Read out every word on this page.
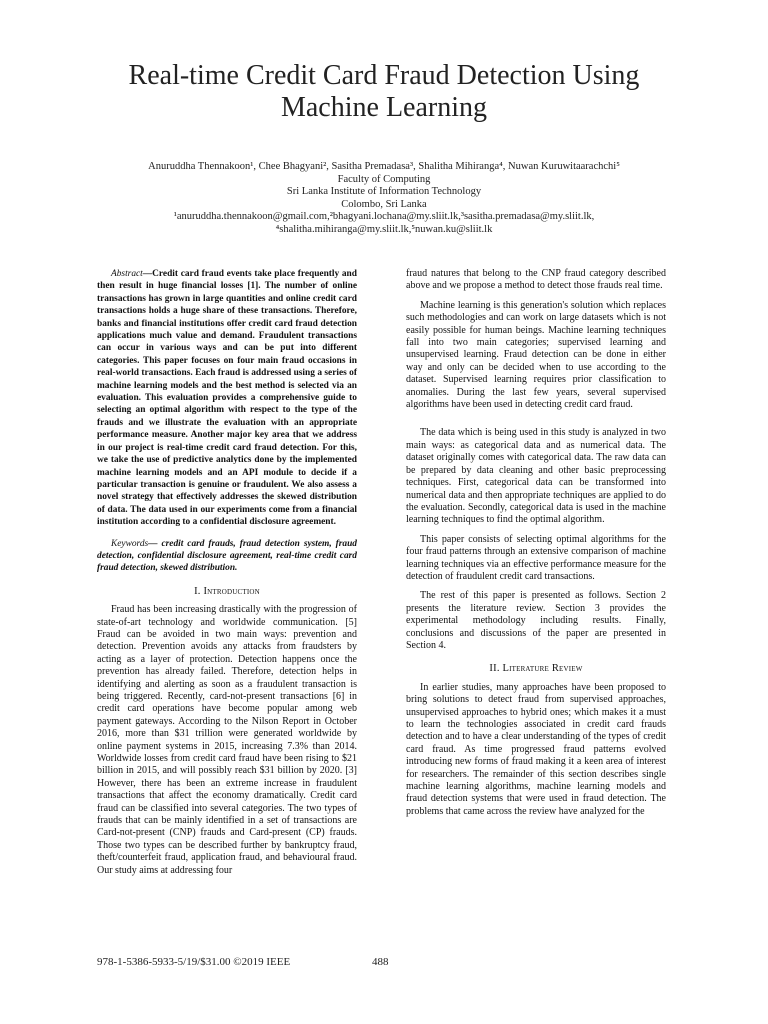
Real-time Credit Card Fraud Detection Using
Machine Learning
Anuruddha Thennakoon¹, Chee Bhagyani², Sasitha Premadasa³, Shalitha Mihiranga⁴, Nuwan Kuruwitaarachchi⁵
Faculty of Computing
Sri Lanka Institute of Information Technology
Colombo, Sri Lanka
¹anuruddha.thennakoon@gmail.com,²bhagyani.lochana@my.sliit.lk,³sasitha.premadasa@my.sliit.lk,
⁴shalitha.mihiranga@my.sliit.lk,⁵nuwan.ku@sliit.lk

Abstract—Credit card fraud events take place frequently and then result in huge financial losses [1]. The number of online transactions has grown in large quantities and online credit card transactions holds a huge share of these transactions. Therefore, banks and financial institutions offer credit card fraud detection applications much value and demand. Fraudulent transactions can occur in various ways and can be put into different categories. This paper focuses on four main fraud occasions in real-world transactions. Each fraud is addressed using a series of machine learning models and the best method is selected via an evaluation. This evaluation provides a comprehensive guide to selecting an optimal algorithm with respect to the type of the frauds and we illustrate the evaluation with an appropriate performance measure. Another major key area that we address in our project is real-time credit card fraud detection. For this, we take the use of predictive analytics done by the implemented machine learning models and an API module to decide if a particular transaction is genuine or fraudulent. We also assess a novel strategy that effectively addresses the skewed distribution of data. The data used in our experiments come from a financial institution according to a confidential disclosure agreement.

Keywords— credit card frauds, fraud detection system, fraud detection, confidential disclosure agreement, real-time credit card fraud detection, skewed distribution.

I. Introduction

Fraud has been increasing drastically with the progression of state-of-art technology and worldwide communication. [5] Fraud can be avoided in two main ways: prevention and detection. Prevention avoids any attacks from fraudsters by acting as a layer of protection. Detection happens once the prevention has already failed. Therefore, detection helps in identifying and alerting as soon as a fraudulent transaction is being triggered. Recently, card-not-present transactions [6] in credit card operations have become popular among web payment gateways. According to the Nilson Report in October 2016, more than $31 trillion were generated worldwide by online payment systems in 2015, increasing 7.3% than 2014. Worldwide losses from credit card fraud have been rising to $21 billion in 2015, and will possibly reach $31 billion by 2020. [3] However, there has been an extreme increase in fraudulent transactions that affect the economy dramatically. Credit card fraud can be classified into several categories. The two types of frauds that can be mainly identified in a set of transactions are Card-not-present (CNP) frauds and Card-present (CP) frauds. Those two types can be described further by bankruptcy fraud, theft/counterfeit fraud, application fraud, and behavioural fraud. Our study aims at addressing four

fraud natures that belong to the CNP fraud category described above and we propose a method to detect those frauds real time.

Machine learning is this generation's solution which replaces such methodologies and can work on large datasets which is not easily possible for human beings. Machine learning techniques fall into two main categories; supervised learning and unsupervised learning. Fraud detection can be done in either way and only can be decided when to use according to the dataset. Supervised learning requires prior classification to anomalies. During the last few years, several supervised algorithms have been used in detecting credit card fraud.

The data which is being used in this study is analyzed in two main ways: as categorical data and as numerical data. The dataset originally comes with categorical data. The raw data can be prepared by data cleaning and other basic preprocessing techniques. First, categorical data can be transformed into numerical data and then appropriate techniques are applied to do the evaluation. Secondly, categorical data is used in the machine learning techniques to find the optimal algorithm.

This paper consists of selecting optimal algorithms for the four fraud patterns through an extensive comparison of machine learning techniques via an effective performance measure for the detection of fraudulent credit card transactions.

The rest of this paper is presented as follows. Section 2 presents the literature review. Section 3 provides the experimental methodology including results. Finally, conclusions and discussions of the paper are presented in Section 4.

II. Literature Review

In earlier studies, many approaches have been proposed to bring solutions to detect fraud from supervised approaches, unsupervised approaches to hybrid ones; which makes it a must to learn the technologies associated in credit card frauds detection and to have a clear understanding of the types of credit card fraud. As time progressed fraud patterns evolved introducing new forms of fraud making it a keen area of interest for researchers. The remainder of this section describes single machine learning algorithms, machine learning models and fraud detection systems that were used in fraud detection. The problems that came across the review have analyzed for the

978-1-5386-5933-5/19/$31.00 ©2019 IEEE	488
